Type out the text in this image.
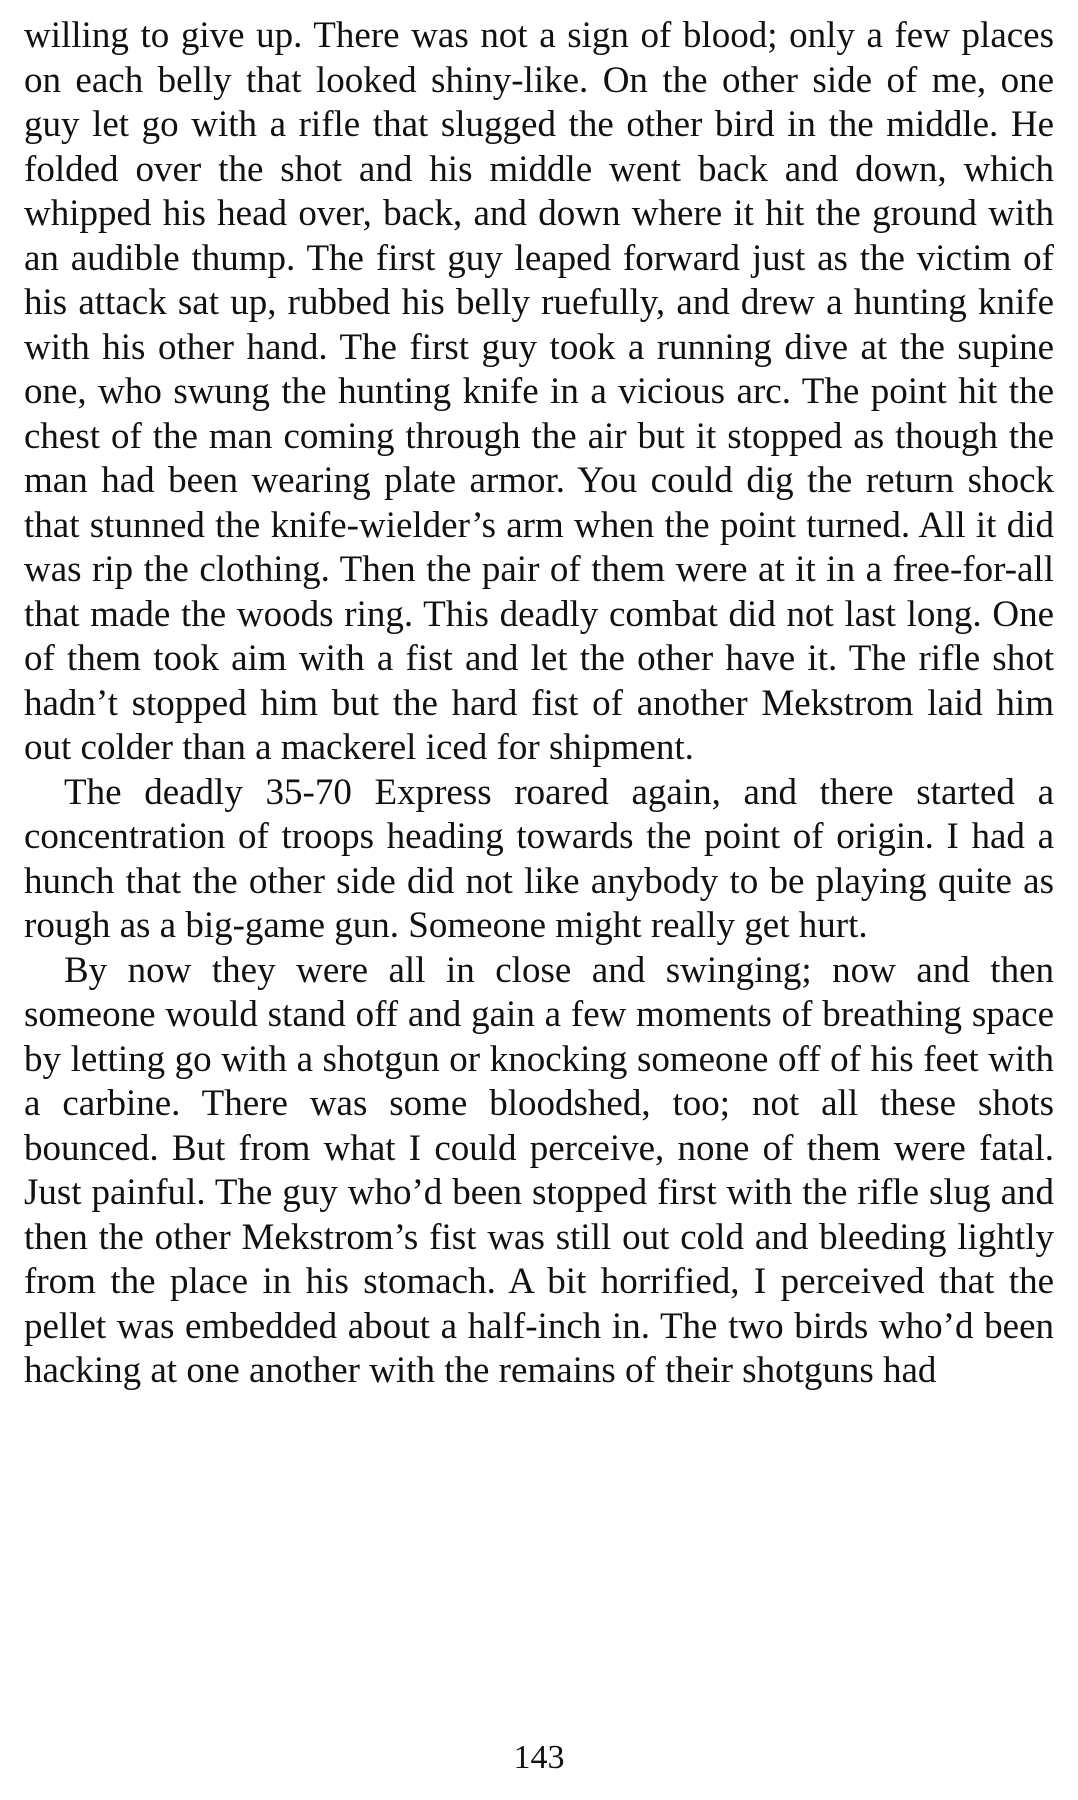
willing to give up. There was not a sign of blood; only a few places on each belly that looked shiny-like. On the other side of me, one guy let go with a rifle that slugged the other bird in the middle. He folded over the shot and his middle went back and down, which whipped his head over, back, and down where it hit the ground with an audible thump. The first guy leaped forward just as the victim of his attack sat up, rubbed his belly ruefully, and drew a hunting knife with his other hand. The first guy took a running dive at the supine one, who swung the hunting knife in a vicious arc. The point hit the chest of the man coming through the air but it stopped as though the man had been wearing plate armor. You could dig the return shock that stunned the knife-wielder’s arm when the point turned. All it did was rip the clothing. Then the pair of them were at it in a free-for-all that made the woods ring. This deadly combat did not last long. One of them took aim with a fist and let the other have it. The rifle shot hadn’t stopped him but the hard fist of another Mekstrom laid him out colder than a mackerel iced for shipment.

The deadly 35-70 Express roared again, and there started a concentration of troops heading towards the point of origin. I had a hunch that the other side did not like anybody to be playing quite as rough as a big-game gun. Someone might really get hurt.

By now they were all in close and swinging; now and then someone would stand off and gain a few moments of breathing space by letting go with a shotgun or knocking someone off of his feet with a carbine. There was some bloodshed, too; not all these shots bounced. But from what I could perceive, none of them were fatal. Just painful. The guy who’d been stopped first with the rifle slug and then the other Mekstrom’s fist was still out cold and bleeding lightly from the place in his stomach. A bit horrified, I perceived that the pellet was embedded about a half-inch in. The two birds who’d been hacking at one another with the remains of their shotguns had

143
